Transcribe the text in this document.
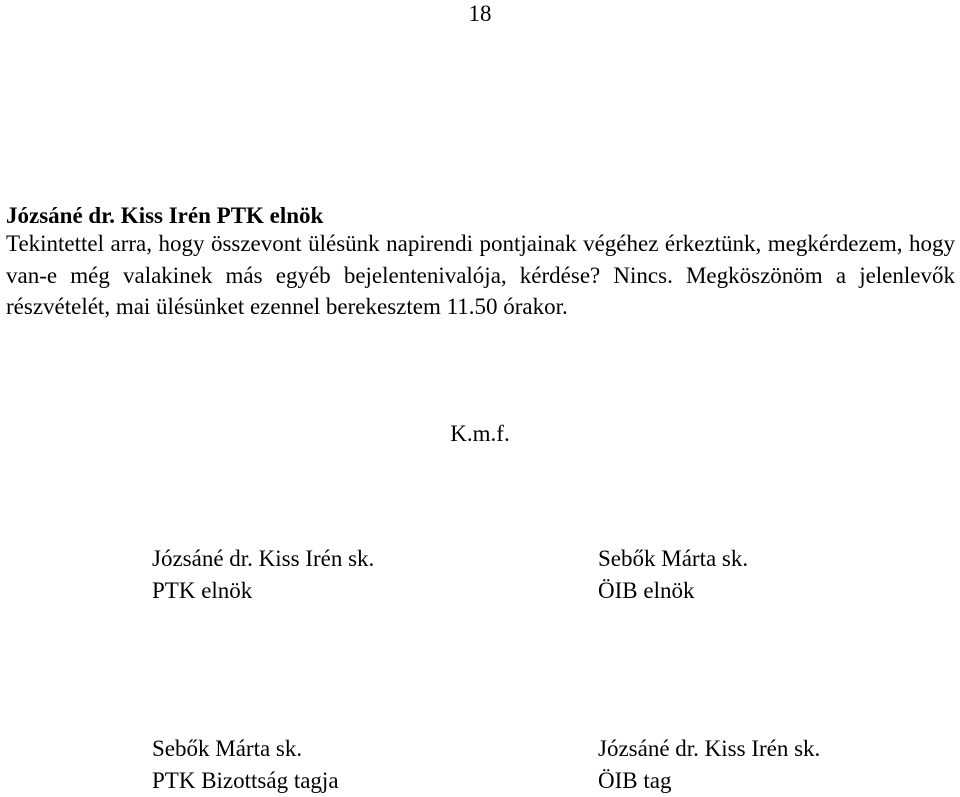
18

Józsáné dr. Kiss Irén PTK elnök

Tekintettel arra, hogy összevont ülésünk napirendi pontjainak végéhez érkeztünk, megkérdezem, hogy van-e még valakinek más egyéb bejelentenivalója, kérdése? Nincs. Megköszönöm a jelenlevők részvételét, mai ülésünket ezennel berekesztem 11.50 órakor.

K.m.f.
Józsáné dr. Kiss Irén sk.
PTK elnök
Sebők Márta sk.
ÖIB elnök
Sebők Márta sk.
PTK Bizottság tagja
Józsáné dr. Kiss Irén sk.
ÖIB tag
